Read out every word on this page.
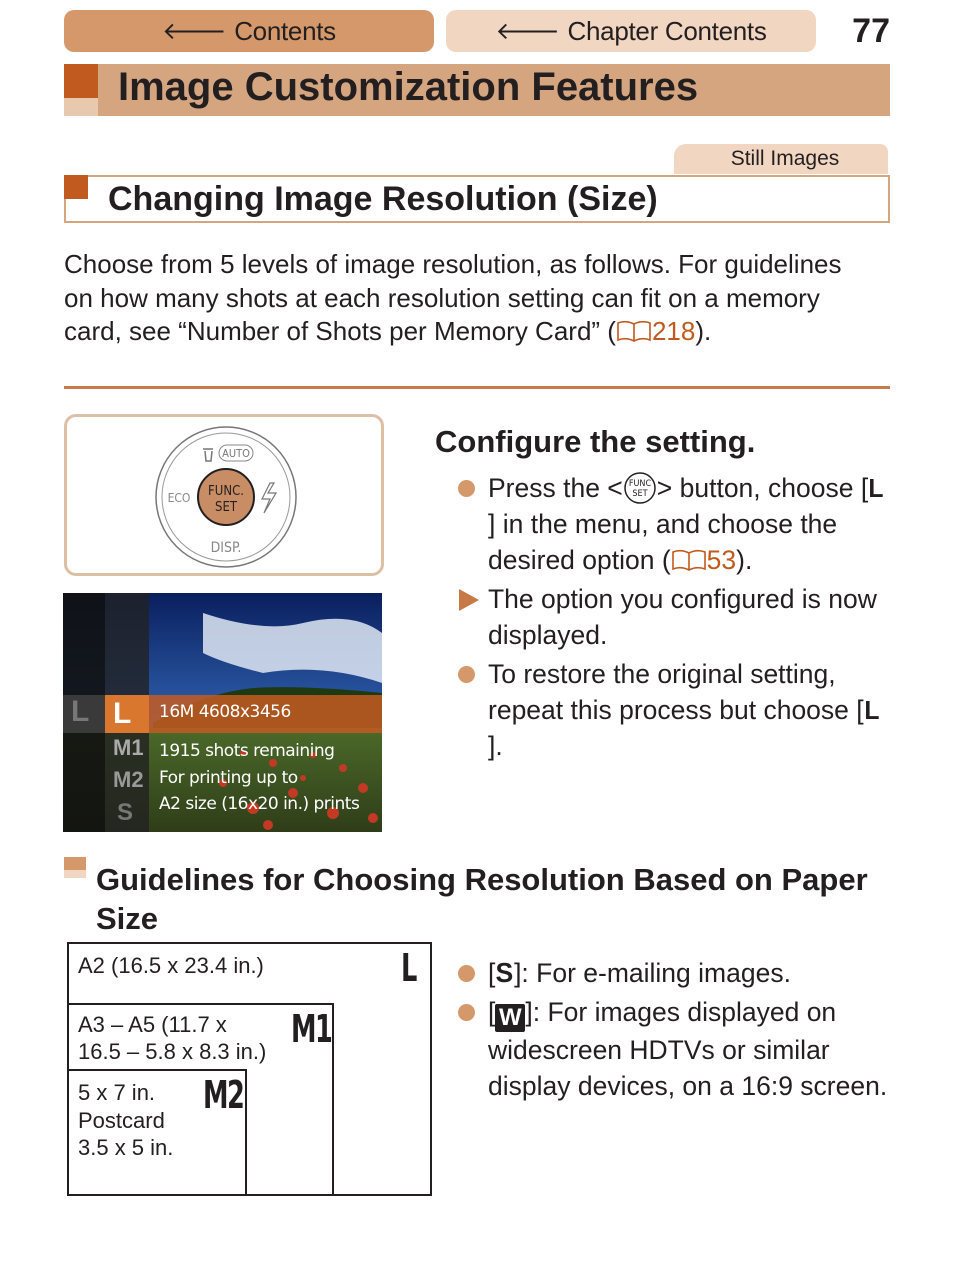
🡐 Contents	🡐 Chapter Contents	77
Image Customization Features
Still Images
Changing Image Resolution (Size)
Choose from 5 levels of image resolution, as follows. For guidelines on how many shots at each resolution setting can fit on a memory card, see “Number of Shots per Memory Card” ( 218).
FUNC.
SET
AUTO
ECO
DISP.
L L
M1
M2
S
16M 4608x3456
1915 shots remaining
For printing up to
A2 size (16x20 in.) prints
Configure the setting.
Press the < FUNC
SET > button, choose [L] in the menu, and choose the desired option ( 53).
The option you configured is now displayed.
To restore the original setting, repeat this process but choose [L].
Guidelines for Choosing Resolution Based on Paper Size
A2 (16.5 x 23.4 in.)	L
A3 – A5 (11.7 x
16.5 – 5.8 x 8.3 in.)
M1
5 x 7 in.
Postcard
3.5 x 5 in.
M2
[S]: For e-mailing images.
[ W ]: For images displayed on widescreen HDTVs or similar display devices, on a 16:9 screen.
